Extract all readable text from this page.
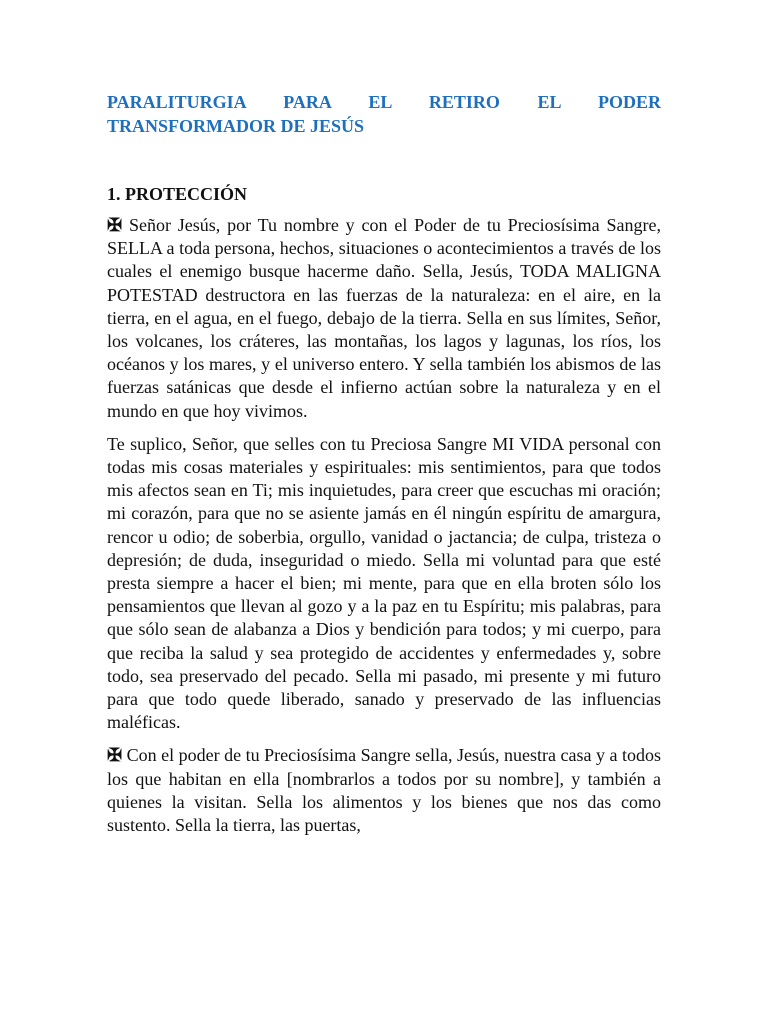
PARALITURGIA PARA EL RETIRO EL PODER TRANSFORMADOR DE JESÚS
1. PROTECCIÓN

✠ Señor Jesús, por Tu nombre y con el Poder de tu Preciosísima Sangre, SELLA a toda persona, hechos, situaciones o acontecimientos a través de los cuales el enemigo busque hacerme daño. Sella, Jesús, TODA MALIGNA POTESTAD destructora en las fuerzas de la naturaleza: en el aire, en la tierra, en el agua, en el fuego, debajo de la tierra. Sella en sus límites, Señor, los volcanes, los cráteres, las montañas, los lagos y lagunas, los ríos, los océanos y los mares, y el universo entero. Y sella también los abismos de las fuerzas satánicas que desde el infierno actúan sobre la naturaleza y en el mundo en que hoy vivimos.

Te suplico, Señor, que selles con tu Preciosa Sangre MI VIDA personal con todas mis cosas materiales y espirituales: mis sentimientos, para que todos mis afectos sean en Ti; mis inquietudes, para creer que escuchas mi oración; mi corazón, para que no se asiente jamás en él ningún espíritu de amargura, rencor u odio; de soberbia, orgullo, vanidad o jactancia; de culpa, tristeza o depresión; de duda, inseguridad o miedo. Sella mi voluntad para que esté presta siempre a hacer el bien; mi mente, para que en ella broten sólo los pensamientos que llevan al gozo y a la paz en tu Espíritu; mis palabras, para que sólo sean de alabanza a Dios y bendición para todos; y mi cuerpo, para que reciba la salud y sea protegido de accidentes y enfermedades y, sobre todo, sea preservado del pecado. Sella mi pasado, mi presente y mi futuro para que todo quede liberado, sanado y preservado de las influencias maléficas.

✠ Con el poder de tu Preciosísima Sangre sella, Jesús, nuestra casa y a todos los que habitan en ella [nombrarlos a todos por su nombre], y también a quienes la visitan. Sella los alimentos y los bienes que nos das como sustento. Sella la tierra, las puertas,
